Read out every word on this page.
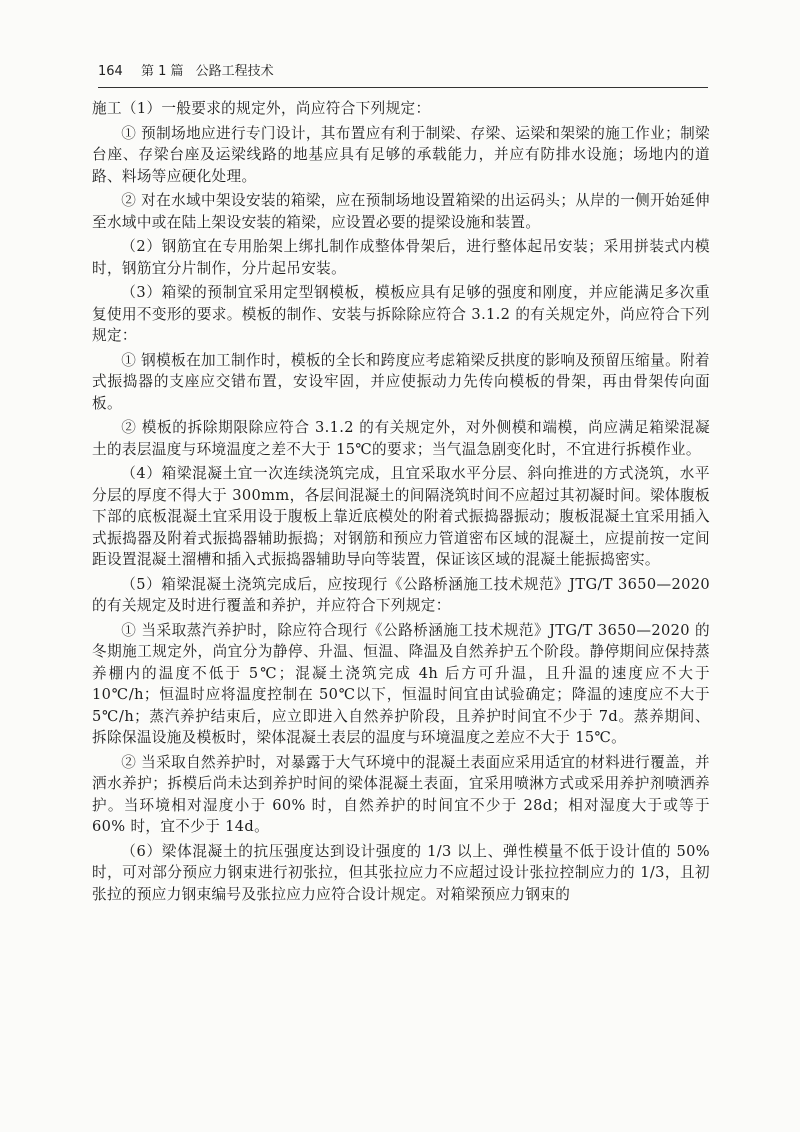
164 第 1 篇 公路工程技术

施工（1）一般要求的规定外，尚应符合下列规定：

① 预制场地应进行专门设计，其布置应有利于制梁、存梁、运梁和架梁的施工作业；制梁台座、存梁台座及运梁线路的地基应具有足够的承载能力，并应有防排水设施；场地内的道路、料场等应硬化处理。

② 对在水域中架设安装的箱梁，应在预制场地设置箱梁的出运码头；从岸的一侧开始延伸至水域中或在陆上架设安装的箱梁，应设置必要的提梁设施和装置。

（2）钢筋宜在专用胎架上绑扎制作成整体骨架后，进行整体起吊安装；采用拼装式内模时，钢筋宜分片制作，分片起吊安装。

（3）箱梁的预制宜采用定型钢模板，模板应具有足够的强度和刚度，并应能满足多次重复使用不变形的要求。模板的制作、安装与拆除除应符合 3.1.2 的有关规定外，尚应符合下列规定：

① 钢模板在加工制作时，模板的全长和跨度应考虑箱梁反拱度的影响及预留压缩量。附着式振捣器的支座应交错布置，安设牢固，并应使振动力先传向模板的骨架，再由骨架传向面板。

② 模板的拆除期限除应符合 3.1.2 的有关规定外，对外侧模和端模，尚应满足箱梁混凝土的表层温度与环境温度之差不大于 15℃的要求；当气温急剧变化时，不宜进行拆模作业。

（4）箱梁混凝土宜一次连续浇筑完成，且宜采取水平分层、斜向推进的方式浇筑，水平分层的厚度不得大于 300mm，各层间混凝土的间隔浇筑时间不应超过其初凝时间。梁体腹板下部的底板混凝土宜采用设于腹板上靠近底模处的附着式振捣器振动；腹板混凝土宜采用插入式振捣器及附着式振捣器辅助振捣；对钢筋和预应力管道密布区域的混凝土，应提前按一定间距设置混凝土溜槽和插入式振捣器辅助导向等装置，保证该区域的混凝土能振捣密实。

（5）箱梁混凝土浇筑完成后，应按现行《公路桥涵施工技术规范》JTG/T 3650—2020 的有关规定及时进行覆盖和养护，并应符合下列规定：

① 当采取蒸汽养护时，除应符合现行《公路桥涵施工技术规范》JTG/T 3650—2020 的冬期施工规定外，尚宜分为静停、升温、恒温、降温及自然养护五个阶段。静停期间应保持蒸养棚内的温度不低于 5℃；混凝土浇筑完成 4h 后方可升温，且升温的速度应不大于 10℃/h；恒温时应将温度控制在 50℃以下，恒温时间宜由试验确定；降温的速度应不大于 5℃/h；蒸汽养护结束后，应立即进入自然养护阶段，且养护时间宜不少于 7d。蒸养期间、拆除保温设施及模板时，梁体混凝土表层的温度与环境温度之差应不大于 15℃。

② 当采取自然养护时，对暴露于大气环境中的混凝土表面应采用适宜的材料进行覆盖，并洒水养护；拆模后尚未达到养护时间的梁体混凝土表面，宜采用喷淋方式或采用养护剂喷洒养护。当环境相对湿度小于 60% 时，自然养护的时间宜不少于 28d；相对湿度大于或等于 60% 时，宜不少于 14d。

（6）梁体混凝土的抗压强度达到设计强度的 1/3 以上、弹性模量不低于设计值的 50% 时，可对部分预应力钢束进行初张拉，但其张拉应力不应超过设计张拉控制应力的 1/3，且初张拉的预应力钢束编号及张拉应力应符合设计规定。对箱梁预应力钢束的
